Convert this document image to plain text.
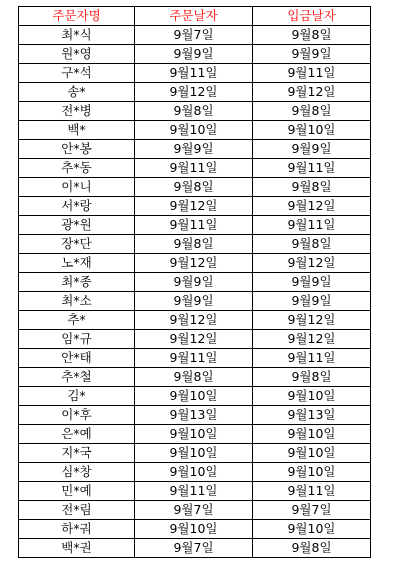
주문자명	주문날자	입금날자
최*식	9월7일	9월8일
원*영	9월9일	9월9일
구*석	9월11일	9월11일
송*	9월12일	9월12일
전*병	9월8일	9월8일
백*	9월10일	9월10일
안*봉	9월9일	9월9일
추*동	9월11일	9월11일
이*니	9월8일	9월8일
서*랑	9월12일	9월12일
광*원	9월11일	9월11일
장*단	9월8일	9월8일
노*재	9월12일	9월12일
최*종	9월9일	9월9일
최*소	9월9일	9월9일
추*	9월12일	9월12일
임*규	9월12일	9월12일
안*태	9월11일	9월11일
추*철	9월8일	9월8일
김*	9월10일	9월10일
이*후	9월13일	9월13일
은*예	9월10일	9월10일
지*국	9월10일	9월10일
심*창	9월10일	9월10일
민*예	9월11일	9월11일
전*림	9월7일	9월7일
하*궈	9월10일	9월10일
백*권	9월7일	9월8일
